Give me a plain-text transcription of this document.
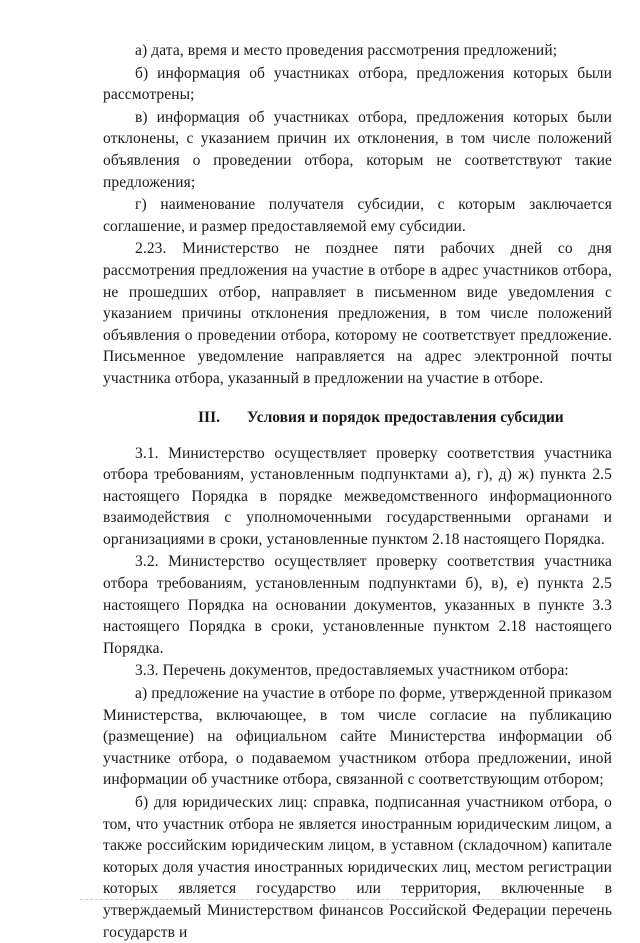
а) дата, время и место проведения рассмотрения предложений;

б) информация об участниках отбора, предложения которых были рассмотрены;

в) информация об участниках отбора, предложения которых были отклонены, с указанием причин их отклонения, в том числе положений объявления о проведении отбора, которым не соответствуют такие предложения;

г) наименование получателя субсидии, с которым заключается соглашение, и размер предоставляемой ему субсидии.

2.23. Министерство не позднее пяти рабочих дней со дня рассмотрения предложения на участие в отборе в адрес участников отбора, не прошедших отбор, направляет в письменном виде уведомления с указанием причины отклонения предложения, в том числе положений объявления о проведении отбора, которому не соответствует предложение. Письменное уведомление направляется на адрес электронной почты участника отбора, указанный в предложении на участие в отборе.

III. Условия и порядок предоставления субсидии

3.1. Министерство осуществляет проверку соответствия участника отбора требованиям, установленным подпунктами а), г), д) ж) пункта 2.5 настоящего Порядка в порядке межведомственного информационного взаимодействия с уполномоченными государственными органами и организациями в сроки, установленные пунктом 2.18 настоящего Порядка.

3.2. Министерство осуществляет проверку соответствия участника отбора требованиям, установленным подпунктами б), в), е) пункта 2.5 настоящего Порядка на основании документов, указанных в пункте 3.3 настоящего Порядка в сроки, установленные пунктом 2.18 настоящего Порядка.

3.3. Перечень документов, предоставляемых участником отбора:

а) предложение на участие в отборе по форме, утвержденной приказом Министерства, включающее, в том числе согласие на публикацию (размещение) на официальном сайте Министерства информации об участнике отбора, о подаваемом участником отбора предложении, иной информации об участнике отбора, связанной с соответствующим отбором;

б) для юридических лиц: справка, подписанная участником отбора, о том, что участник отбора не является иностранным юридическим лицом, а также российским юридическим лицом, в уставном (складочном) капитале которых доля участия иностранных юридических лиц, местом регистрации которых является государство или территория, включенные в утверждаемый Министерством финансов Российской Федерации перечень государств и
